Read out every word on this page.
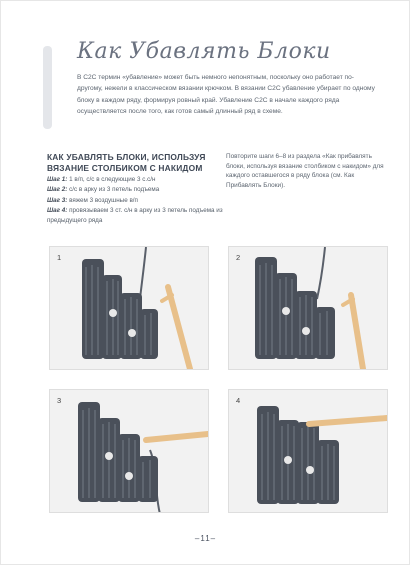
Как Убавлять Блоки
В C2C термин «убавление» может быть немного непонятным, поскольку оно работает по-другому, нежели в классическом вязании крючком. В вязании C2C убавление убирает по одному блоку в каждом ряду, формируя ровный край. Убавление C2C в начале каждого ряда осуществляется после того, как готов самый длинный ряд в схеме.
КАК УБАВЛЯТЬ БЛОКИ, ИСПОЛЬЗУЯ ВЯЗАНИЕ СТОЛБИКОМ С НАКИДОМ
Шаг 1: 1 в/п, с/с в следующие 3 с.с/н
Шаг 2: с/с в арку из 3 петель подъема
Шаг 3: вяжем 3 воздушные в/п
Шаг 4: провязываем 3 ст. с/н в арку из 3 петель подъема из предыдущего ряда
Повторите шаги 6–8 из раздела «Как прибавлять блоки, используя вязание столбиком с накидом» для каждого оставшегося в ряду блока (см. Как Прибавлять Блоки).
1	2
3	4
–11–
